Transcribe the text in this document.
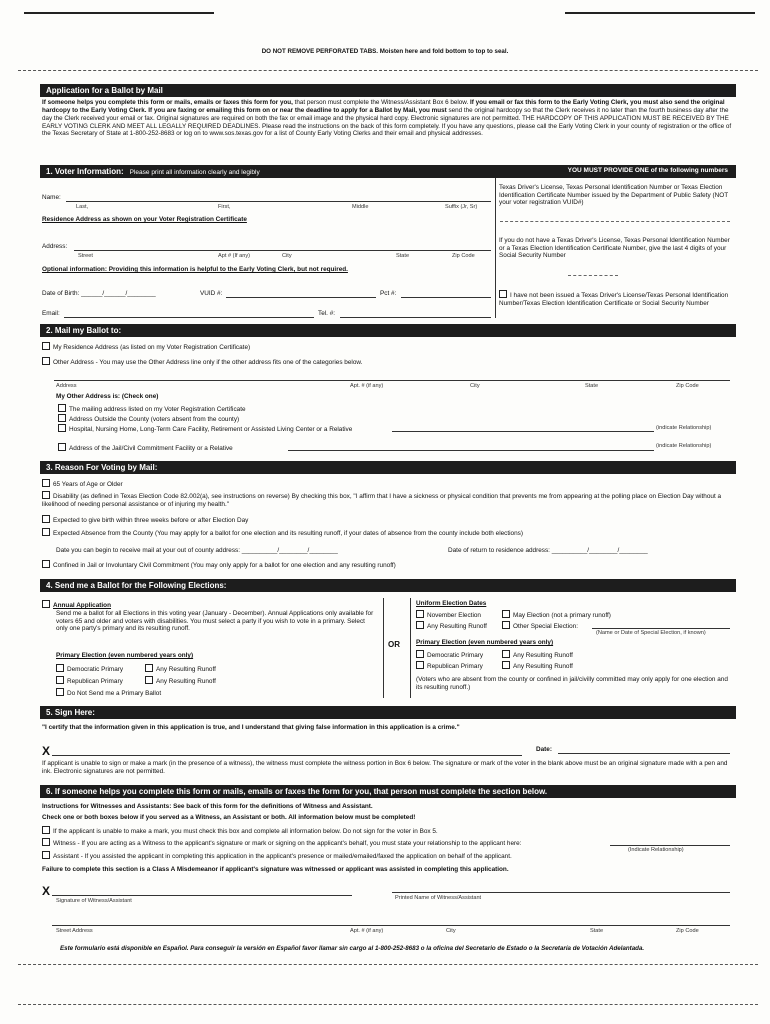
DO NOT REMOVE PERFORATED TABS. Moisten here and fold bottom to top to seal.
Application for a Ballot by Mail
If someone helps you complete this form or mails, emails or faxes this form for you, that person must complete the Witness/Assistant Box 6 below. If you email or fax this form to the Early Voting Clerk, you must also send the original hardcopy to the Early Voting Clerk. If you are faxing or emailing this form on or near the deadline to apply for a Ballot by Mail, you must send the original hardcopy so that the Clerk receives it no later than the fourth business day after the day the Clerk received your email or fax. Original signatures are required on both the fax or email image and the physical hard copy. Electronic signatures are not permitted. THE HARDCOPY OF THIS APPLICATION MUST BE RECEIVED BY THE EARLY VOTING CLERK AND MEET ALL LEGALLY REQUIRED DEADLINES. Please read the instructions on the back of this form completely. If you have any questions, please call the Early Voting Clerk in your county of registration or the office of the Texas Secretary of State at 1-800-252-8683 or log on to www.sos.texas.gov for a list of County Early Voting Clerks and their email and physical addresses.
1. Voter Information: Please print all information clearly and legibly	YOU MUST PROVIDE ONE of the following numbers
Name:
Last,	First,	Middle	Suffix (Jr, Sr)
Residence Address as shown on your Voter Registration Certificate
Address:
Street	Apt # (If any)	City	State	Zip Code
Optional information: Providing this information is helpful to the Early Voting Clerk, but not required.
Date of Birth: ______/______/________	VUID #:	Pct #:
Email:	Tel. #:
Texas Driver's License, Texas Personal Identification Number or Texas Election Identification Certificate Number issued by the Department of Public Safety (NOT your voter registration VUID#)
If you do not have a Texas Driver's License, Texas Personal Identification Number or a Texas Election Identification Certificate Number, give the last 4 digits of your Social Security Number
I have not been issued a Texas Driver's License/Texas Personal Identification Number/Texas Election Identification Certificate or Social Security Number
2. Mail my Ballot to:
My Residence Address (as listed on my Voter Registration Certificate)
Other Address - You may use the Other Address line only if the other address fits one of the categories below.
Address	Apt. # (if any)	City	State	Zip Code
My Other Address is: (Check one)
The mailing address listed on my Voter Registration Certificate
Address Outside the County (voters absent from the county)
Hospital, Nursing Home, Long-Term Care Facility, Retirement or Assisted Living Center or a Relative	(indicate Relationship)
Address of the Jail/Civil Commitment Facility or a Relative	(indicate Relationship)
3. Reason For Voting by Mail:
65 Years of Age or Older
Disability (as defined in Texas Election Code 82.002(a), see instructions on reverse) By checking this box, "I affirm that I have a sickness or physical condition that prevents me from appearing at the polling place on Election Day without a likelihood of needing personal assistance or of injuring my health."
Expected to give birth within three weeks before or after Election Day
Expected Absence from the County (You may apply for a ballot for one election and its resulting runoff, if your dates of absence from the county include both elections)
Date you can begin to receive mail at your out of county address: __________/________/________	Date of return to residence address: __________/________/________
Confined in Jail or Involuntary Civil Commitment (You may only apply for a ballot for one election and any resulting runoff)
4. Send me a Ballot for the Following Elections:
Annual Application
Send me a ballot for all Elections in this voting year (January - December). Annual Applications only available for voters 65 and older and voters with disabilities. You must select a party if you wish to vote in a primary. Select only one party's primary and its resulting runoff.
Primary Election (even numbered years only)
Democratic Primary	Any Resulting Runoff
Republican Primary	Any Resulting Runoff
Do Not Send me a Primary Ballot
OR
Uniform Election Dates
November Election	May Election (not a primary runoff)
Any Resulting Runoff	Other Special Election:
(Name or Date of Special Election, if known)
Primary Election (even numbered years only)
Democratic Primary	Any Resulting Runoff
Republican Primary	Any Resulting Runoff
(Voters who are absent from the county or confined in jail/civilly committed may only apply for one election and its resulting runoff.)
5. Sign Here:
"I certify that the information given in this application is true, and I understand that giving false information in this application is a crime."
X	Date:
If applicant is unable to sign or make a mark (in the presence of a witness), the witness must complete the witness portion in Box 6 below. The signature or mark of the voter in the blank above must be an original signature made with a pen and ink. Electronic signatures are not permitted.
6. If someone helps you complete this form or mails, emails or faxes the form for you, that person must complete the section below.
Instructions for Witnesses and Assistants: See back of this form for the definitions of Witness and Assistant.
Check one or both boxes below if you served as a Witness, an Assistant or both. All information below must be completed!
If the applicant is unable to make a mark, you must check this box and complete all information below. Do not sign for the voter in Box 5.
Witness - If you are acting as a Witness to the applicant's signature or mark or signing on the applicant's behalf, you must state your relationship to the applicant here:
(Indicate Relationship)
Assistant - If you assisted the applicant in completing this application in the applicant's presence or mailed/emailed/faxed the application on behalf of the applicant.
Failure to complete this section is a Class A Misdemeanor if applicant's signature was witnessed or applicant was assisted in completing this application.
X
Signature of Witness/Assistant	Printed Name of Witness/Assistant
Street Address	Apt. # (if any)	City	State	Zip Code
Este formulario está disponible en Español. Para conseguir la versión en Español favor llamar sin cargo al 1-800-252-8683 o la oficina del Secretario de Estado o la Secretaría de Votación Adelantada.
